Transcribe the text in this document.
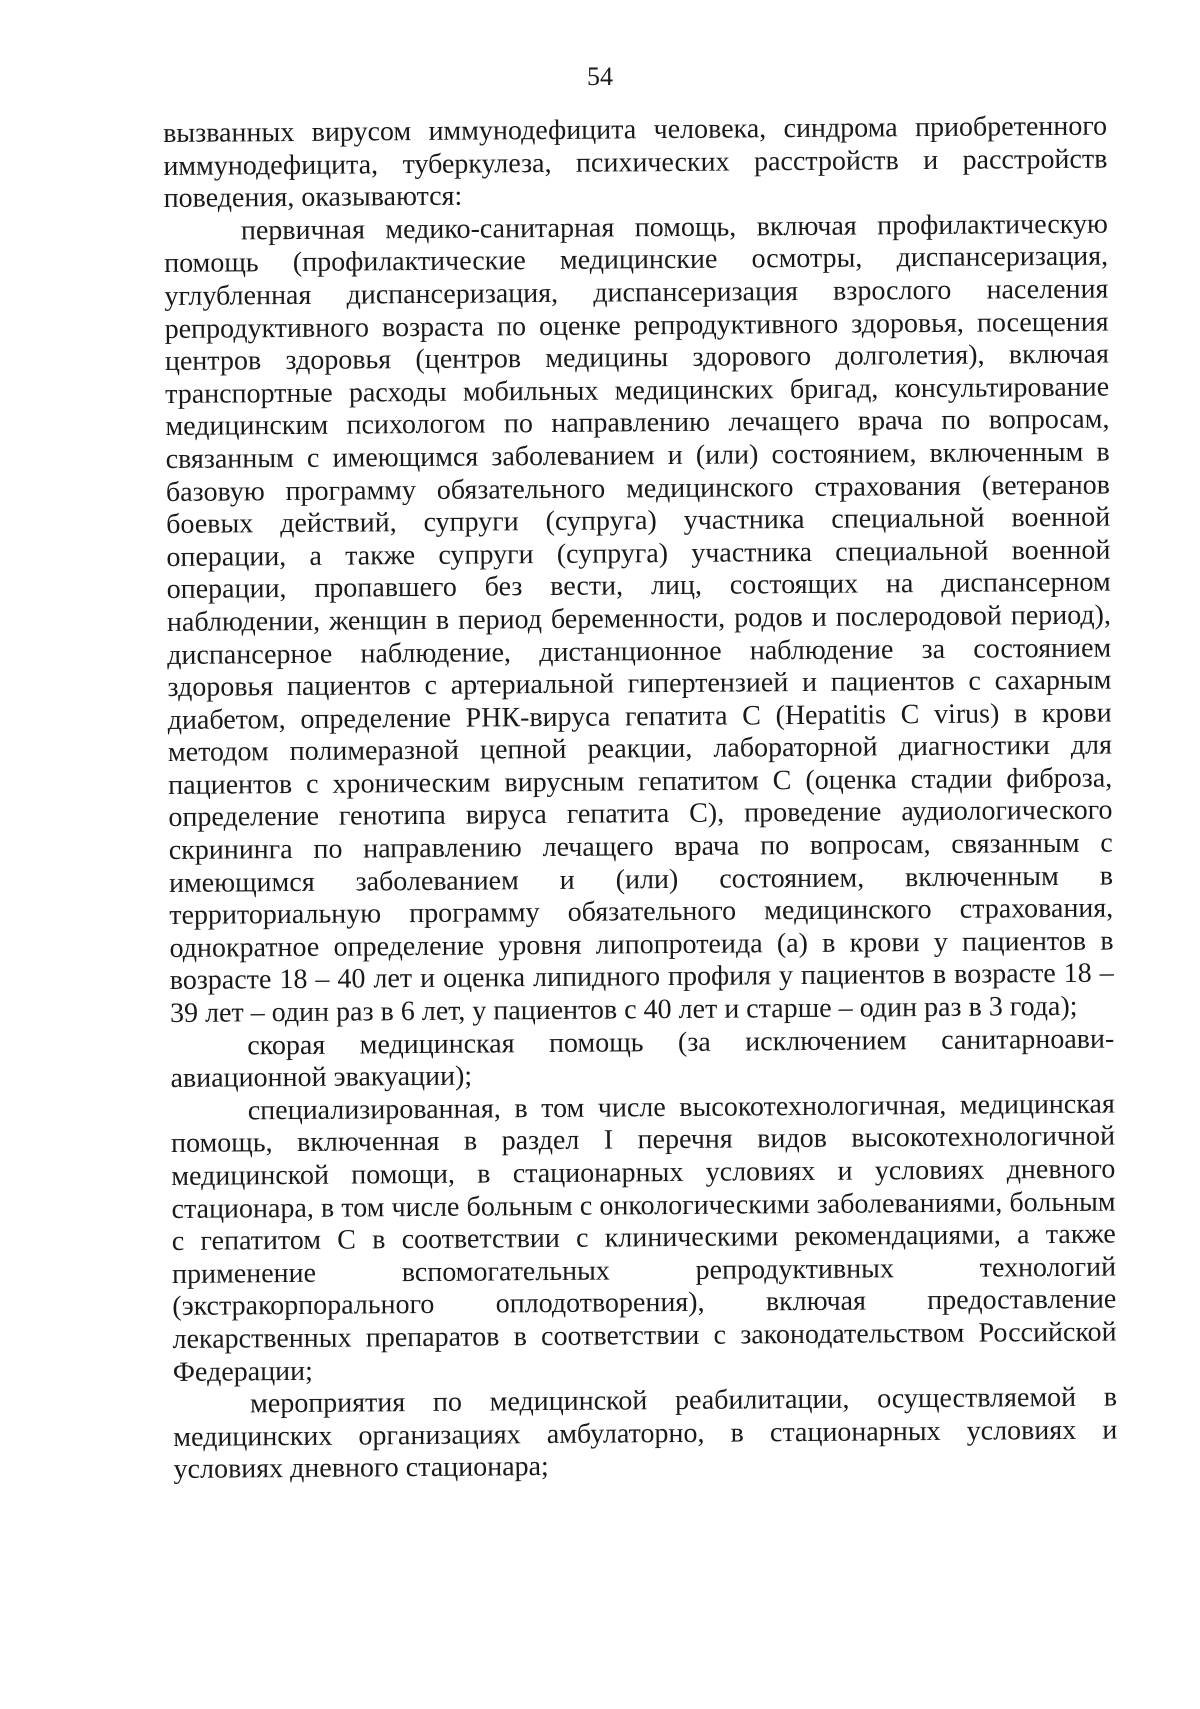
54

вызванных вирусом иммунодефицита человека, синдрома приобретенного иммунодефицита, туберкулеза, психических расстройств и расстройств поведения, оказываются:

первичная медико-санитарная помощь, включая профилактическую помощь (профилактические медицинские осмотры, диспансеризация, углубленная диспансеризация, диспансеризация взрослого населения репродуктивного возраста по оценке репродуктивного здоровья, посещения центров здоровья (центров медицины здорового долголетия), включая транспортные расходы мобильных медицинских бригад, консультирование медицинским психологом по направлению лечащего врача по вопросам, связанным с имеющимся заболеванием и (или) состоянием, включенным в базовую программу обязательного медицинского страхования (ветеранов боевых действий, супруги (супруга) участника специальной военной операции, а также супруги (супруга) участника специальной военной операции, пропавшего без вести, лиц, состоящих на диспансерном наблюдении, женщин в период беременности, родов и послеродовой период), диспансерное наблюдение, дистанционное наблюдение за состоянием здоровья пациентов с артериальной гипертензией и пациентов с сахарным диабетом, определение РНК-вируса гепатита С (Hepatitis C virus) в крови методом полимеразной цепной реакции, лабораторной диагностики для пациентов с хроническим вирусным гепатитом С (оценка стадии фиброза, определение генотипа вируса гепатита С), проведение аудиологического скрининга по направлению лечащего врача по вопросам, связанным с имеющимся заболеванием и (или) состоянием, включенным в территориальную программу обязательного медицинского страхования, однократное определение уровня липопротеида (а) в крови у пациентов в возрасте 18 – 40 лет и оценка липидного профиля у пациентов в возрасте 18 – 39 лет – один раз в 6 лет, у пациентов с 40 лет и старше – один раз в 3 года);

скорая медицинская помощь (за исключением санитарноави-авиационной эвакуации);

специализированная, в том числе высокотехнологичная, медицинская помощь, включенная в раздел I перечня видов высокотехнологичной медицинской помощи, в стационарных условиях и условиях дневного стационара, в том числе больным с онкологическими заболеваниями, больным с гепатитом С в соответствии с клиническими рекомендациями, а также применение вспомогательных репродуктивных технологий (экстракорпорального оплодотворения), включая предоставление лекарственных препаратов в соответствии с законодательством Российской Федерации;

мероприятия по медицинской реабилитации, осуществляемой в медицинских организациях амбулаторно, в стационарных условиях и условиях дневного стационара;
